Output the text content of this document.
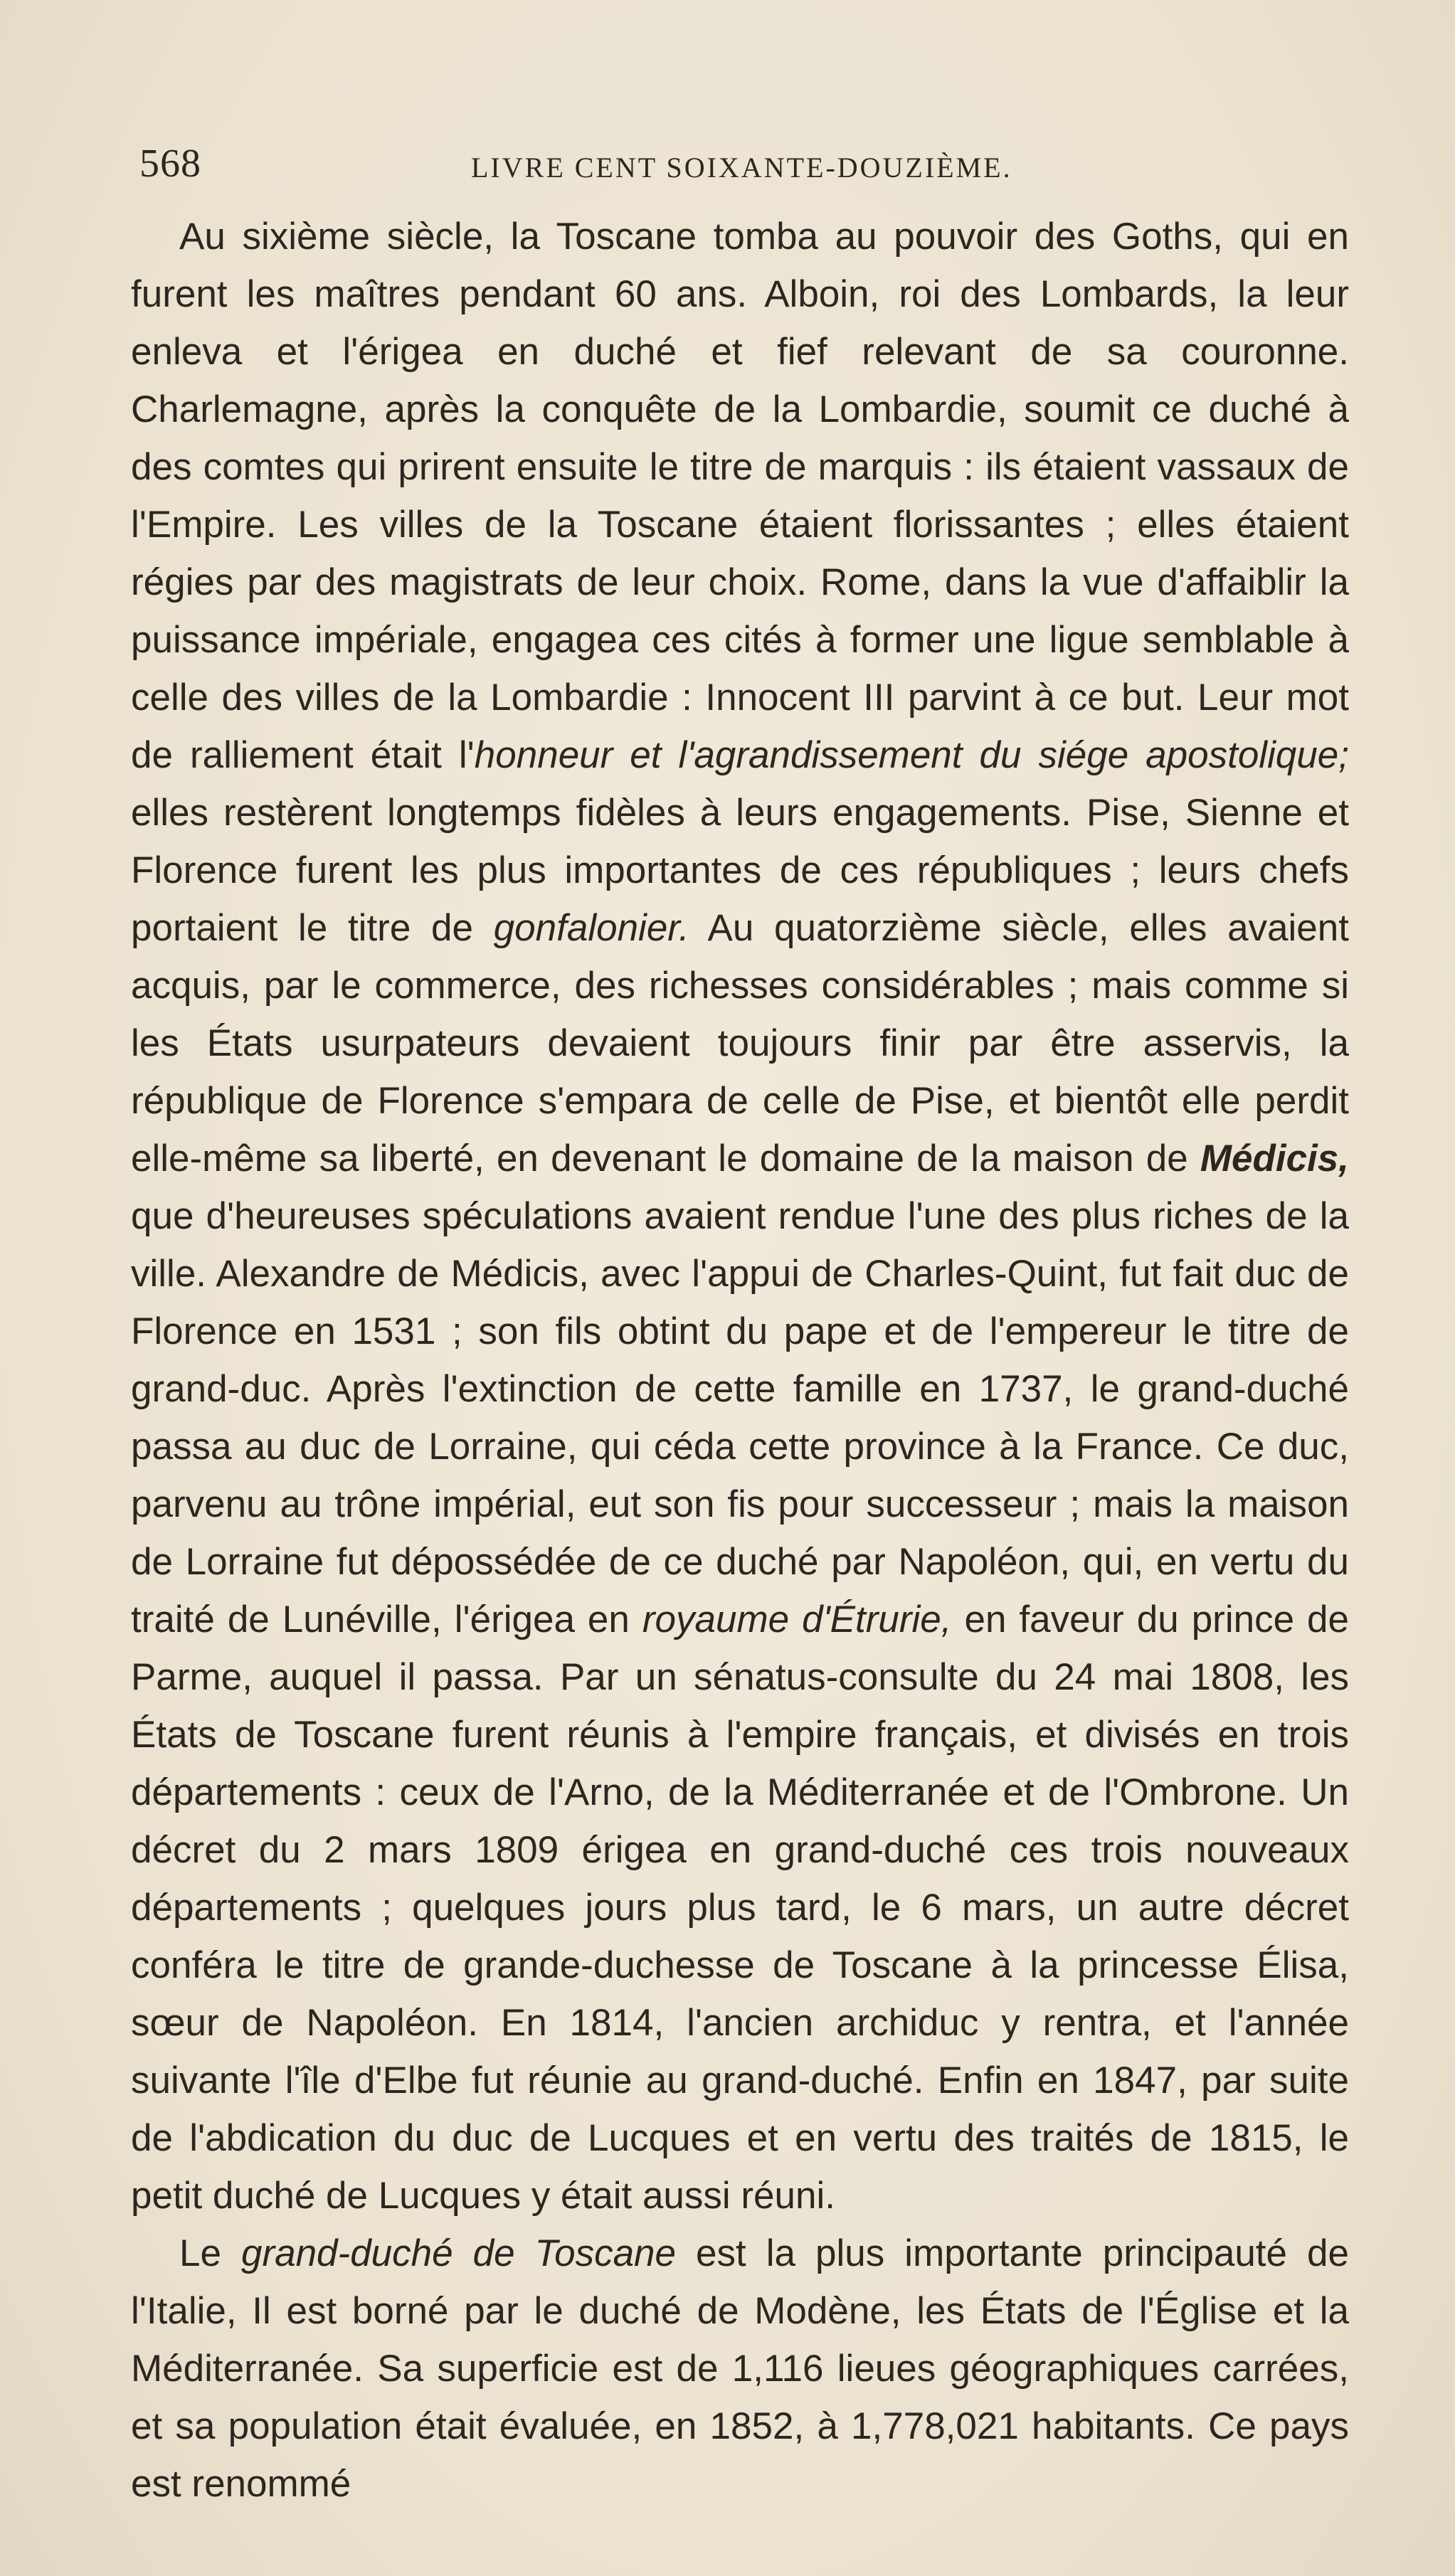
568	LIVRE CENT SOIXANTE-DOUZIÈME.

Au sixième siècle, la Toscane tomba au pouvoir des Goths, qui en furent les maîtres pendant 60 ans. Alboin, roi des Lombards, la leur enleva et l'érigea en duché et fief relevant de sa couronne. Charlemagne, après la conquête de la Lombardie, soumit ce duché à des comtes qui prirent ensuite le titre de marquis : ils étaient vassaux de l'Empire. Les villes de la Toscane étaient florissantes ; elles étaient régies par des magistrats de leur choix. Rome, dans la vue d'affaiblir la puissance impériale, engagea ces cités à former une ligue semblable à celle des villes de la Lombardie : Innocent III parvint à ce but. Leur mot de ralliement était l'honneur et l'agrandissement du siége apostolique; elles restèrent longtemps fidèles à leurs engagements. Pise, Sienne et Florence furent les plus importantes de ces républiques ; leurs chefs portaient le titre de gonfalonier. Au quatorzième siècle, elles avaient acquis, par le commerce, des richesses considérables ; mais comme si les États usurpateurs devaient toujours finir par être asservis, la république de Florence s'empara de celle de Pise, et bientôt elle perdit elle-même sa liberté, en devenant le domaine de la maison de Médicis, que d'heureuses spéculations avaient rendue l'une des plus riches de la ville. Alexandre de Médicis, avec l'appui de Charles-Quint, fut fait duc de Florence en 1531 ; son fils obtint du pape et de l'empereur le titre de grand-duc. Après l'extinction de cette famille en 1737, le grand-duché passa au duc de Lorraine, qui céda cette province à la France. Ce duc, parvenu au trône impérial, eut son fis pour successeur ; mais la maison de Lorraine fut dépossédée de ce duché par Napoléon, qui, en vertu du traité de Lunéville, l'érigea en royaume d'Étrurie, en faveur du prince de Parme, auquel il passa. Par un sénatus-consulte du 24 mai 1808, les États de Toscane furent réunis à l'empire français, et divisés en trois départements : ceux de l'Arno, de la Méditerranée et de l'Ombrone. Un décret du 2 mars 1809 érigea en grand-duché ces trois nouveaux départements ; quelques jours plus tard, le 6 mars, un autre décret conféra le titre de grande-duchesse de Toscane à la princesse Élisa, sœur de Napoléon. En 1814, l'ancien archiduc y rentra, et l'année suivante l'île d'Elbe fut réunie au grand-duché. Enfin en 1847, par suite de l'abdication du duc de Lucques et en vertu des traités de 1815, le petit duché de Lucques y était aussi réuni.

Le grand-duché de Toscane est la plus importante principauté de l'Italie, Il est borné par le duché de Modène, les États de l'Église et la Méditerranée. Sa superficie est de 1,116 lieues géographiques carrées, et sa population était évaluée, en 1852, à 1,778,021 habitants. Ce pays est renommé
